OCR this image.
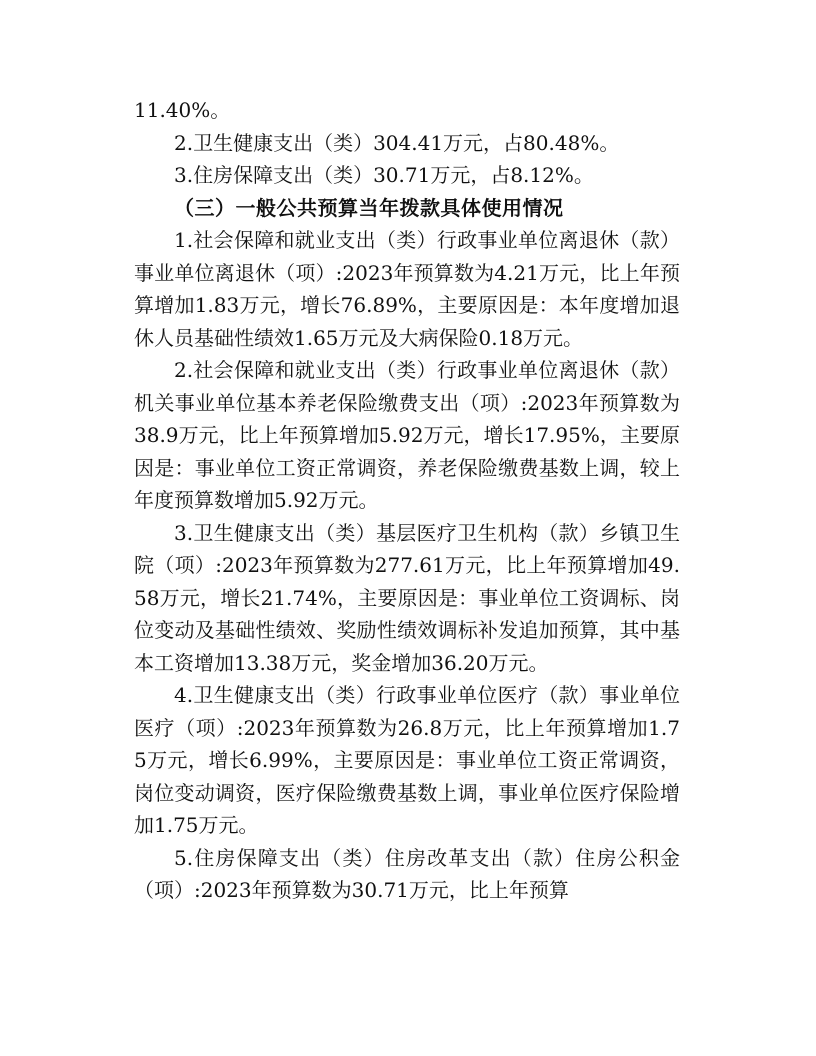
11.40%。

2.卫生健康支出（类）304.41万元，占80.48%。

3.住房保障支出（类）30.71万元，占8.12%。

（三）一般公共预算当年拨款具体使用情况

1.社会保障和就业支出（类）行政事业单位离退休（款）事业单位离退休（项）:2023年预算数为4.21万元，比上年预算增加1.83万元，增长76.89%，主要原因是：本年度增加退休人员基础性绩效1.65万元及大病保险0.18万元。

2.社会保障和就业支出（类）行政事业单位离退休（款）机关事业单位基本养老保险缴费支出（项）:2023年预算数为38.9万元，比上年预算增加5.92万元，增长17.95%，主要原因是：事业单位工资正常调资，养老保险缴费基数上调，较上年度预算数增加5.92万元。

3.卫生健康支出（类）基层医疗卫生机构（款）乡镇卫生院（项）:2023年预算数为277.61万元，比上年预算增加49.58万元，增长21.74%，主要原因是：事业单位工资调标、岗位变动及基础性绩效、奖励性绩效调标补发追加预算，其中基本工资增加13.38万元，奖金增加36.20万元。

4.卫生健康支出（类）行政事业单位医疗（款）事业单位医疗（项）:2023年预算数为26.8万元，比上年预算增加1.75万元，增长6.99%，主要原因是：事业单位工资正常调资，岗位变动调资，医疗保险缴费基数上调，事业单位医疗保险增加1.75万元。

5.住房保障支出（类）住房改革支出（款）住房公积金（项）:2023年预算数为30.71万元，比上年预算
